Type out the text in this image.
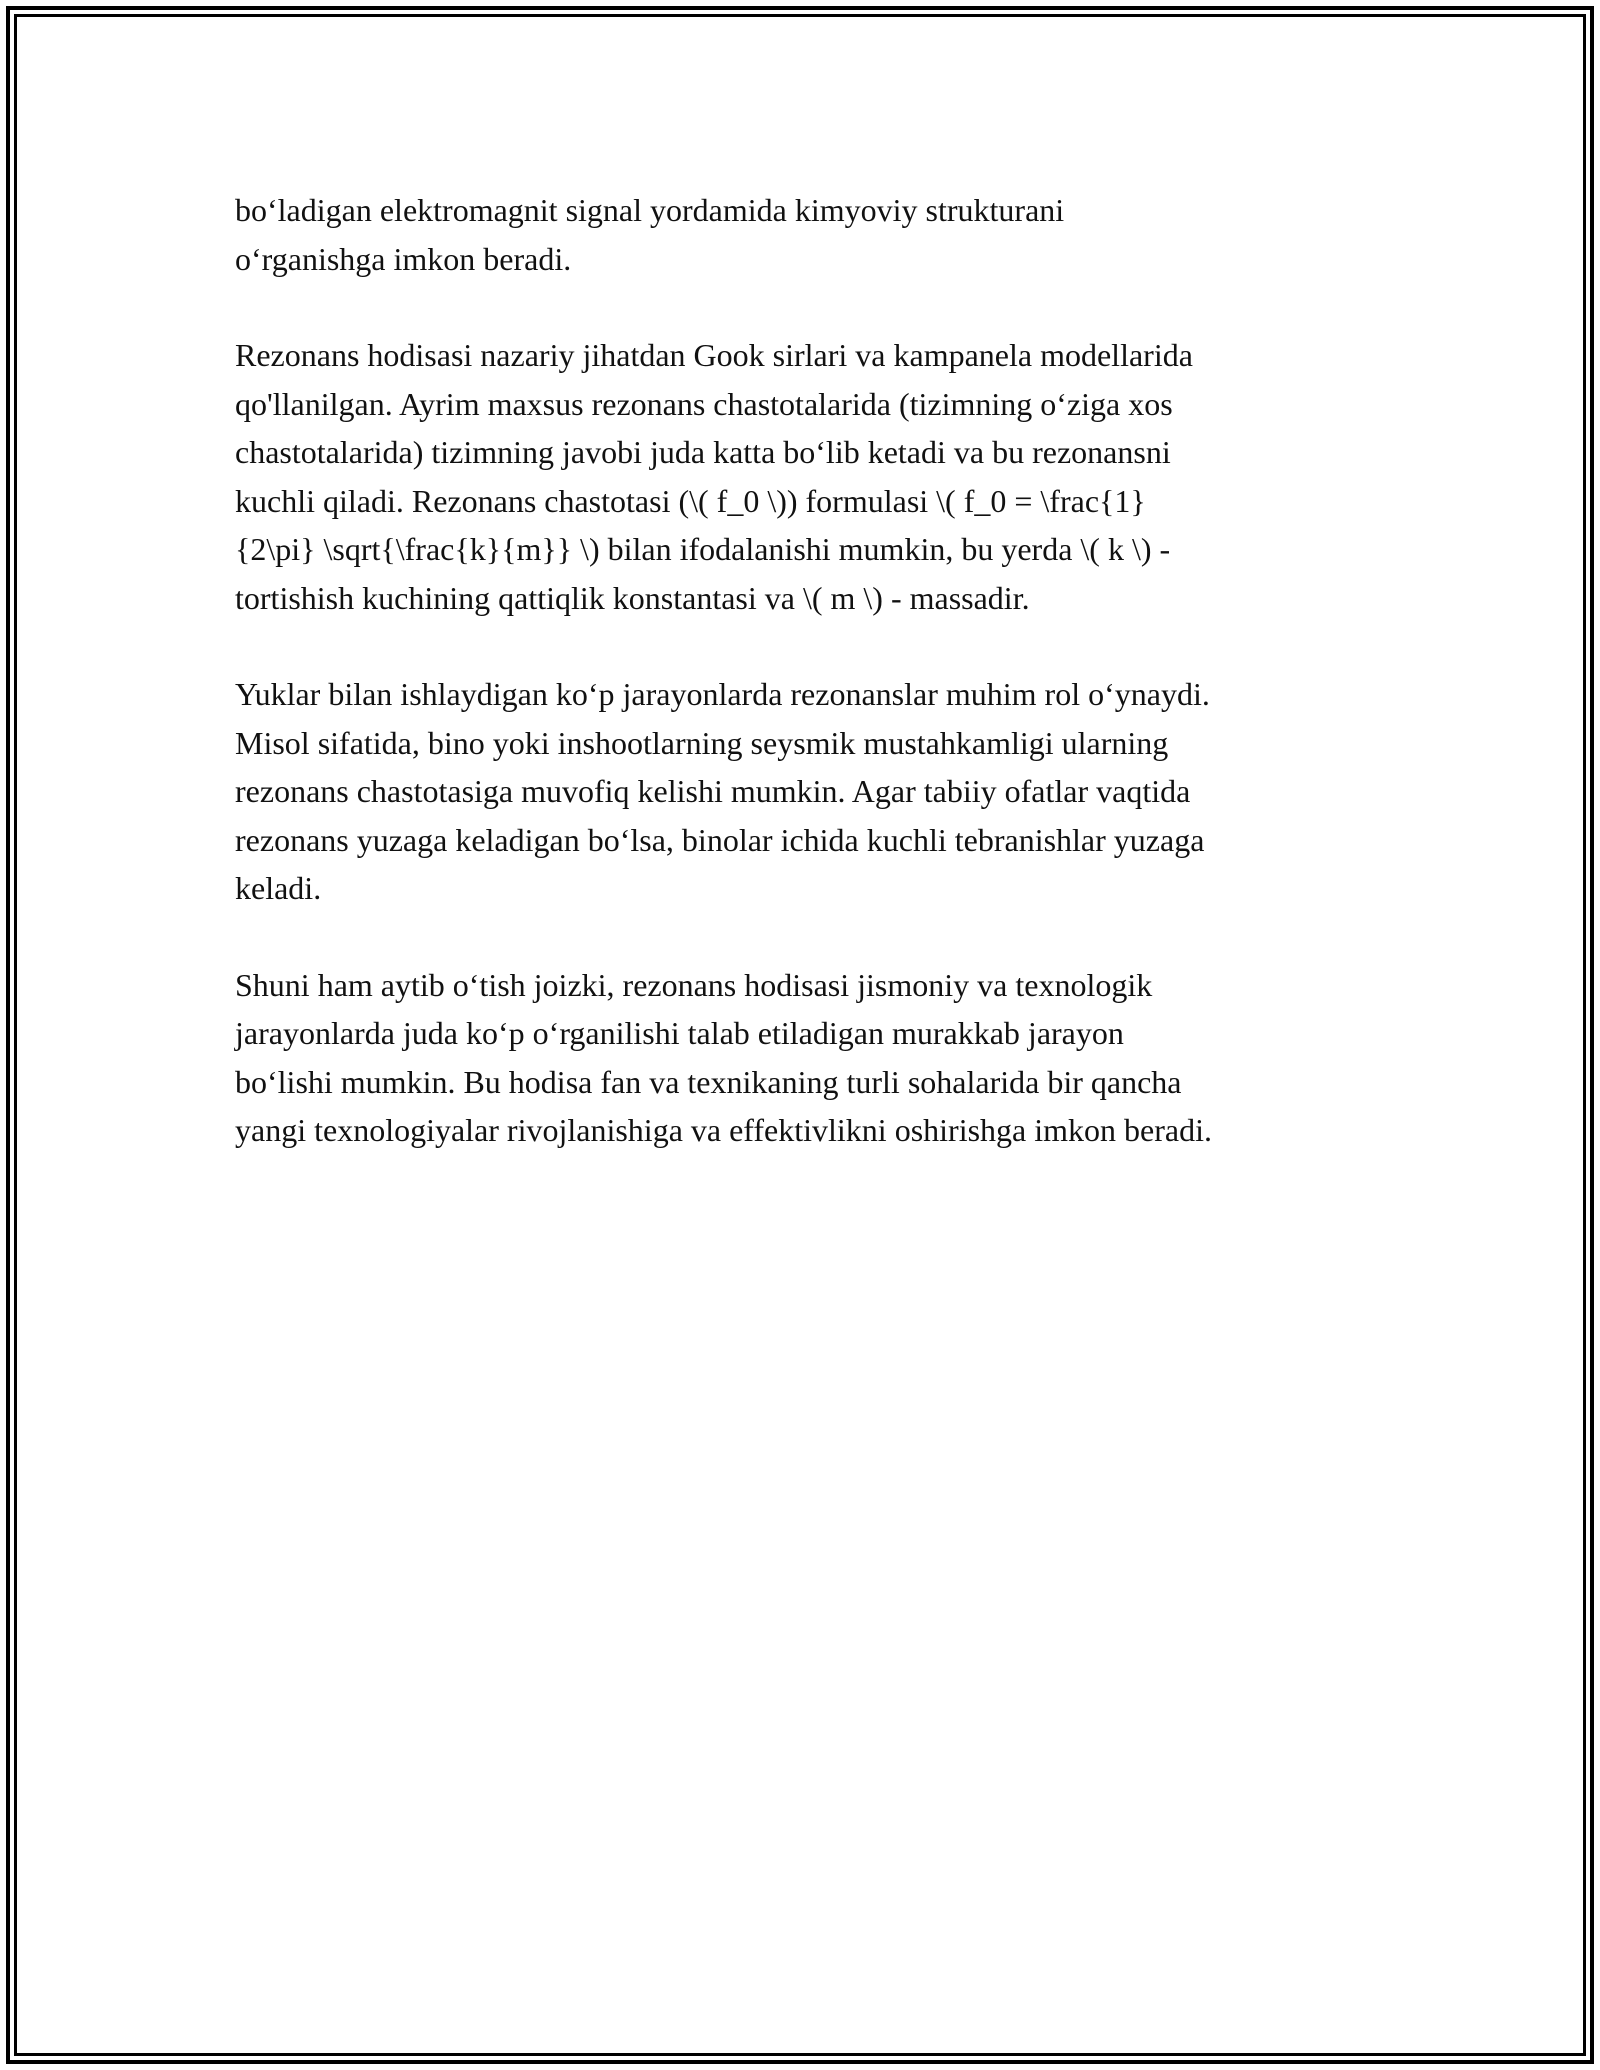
bo‘ladigan elektromagnit signal yordamida kimyoviy strukturani
o‘rganishga imkon beradi.

Rezonans hodisasi nazariy jihatdan Gook sirlari va kampanela modellarida
qo'llanilgan. Ayrim maxsus rezonans chastotalarida (tizimning o‘ziga xos
chastotalarida) tizimning javobi juda katta bo‘lib ketadi va bu rezonansni
kuchli qiladi. Rezonans chastotasi (\( f_0 \)) formulasi \( f_0 = \frac{1}
{2\pi} \sqrt{\frac{k}{m}} \) bilan ifodalanishi mumkin, bu yerda \( k \) -
tortishish kuchining qattiqlik konstantasi va \( m \) - massadir.

Yuklar bilan ishlaydigan ko‘p jarayonlarda rezonanslar muhim rol o‘ynaydi.
Misol sifatida, bino yoki inshootlarning seysmik mustahkamligi ularning
rezonans chastotasiga muvofiq kelishi mumkin. Agar tabiiy ofatlar vaqtida
rezonans yuzaga keladigan bo‘lsa, binolar ichida kuchli tebranishlar yuzaga
keladi.

Shuni ham aytib o‘tish joizki, rezonans hodisasi jismoniy va texnologik
jarayonlarda juda ko‘p o‘rganilishi talab etiladigan murakkab jarayon
bo‘lishi mumkin. Bu hodisa fan va texnikaning turli sohalarida bir qancha
yangi texnologiyalar rivojlanishiga va effektivlikni oshirishga imkon beradi.
